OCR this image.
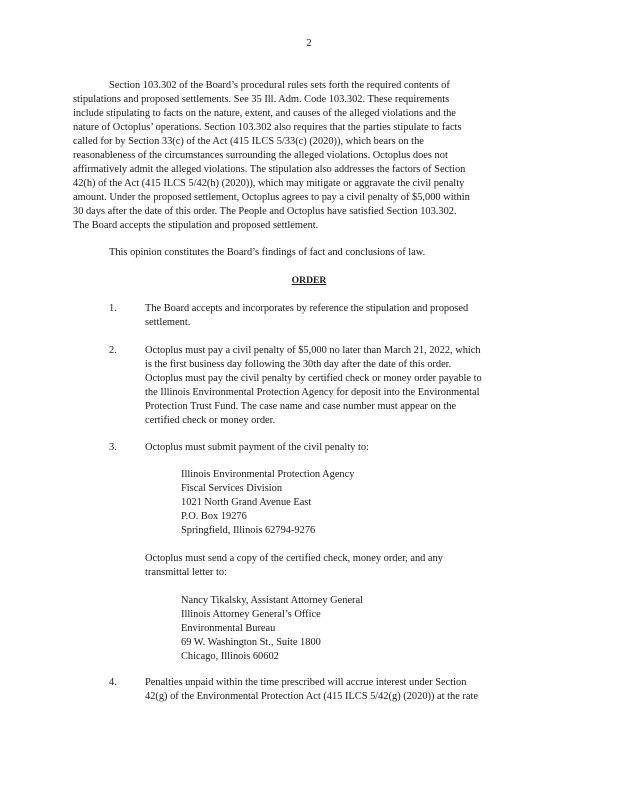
2
Section 103.302 of the Board’s procedural rules sets forth the required contents of
stipulations and proposed settlements. See 35 Ill. Adm. Code 103.302. These requirements
include stipulating to facts on the nature, extent, and causes of the alleged violations and the
nature of Octoplus’ operations. Section 103.302 also requires that the parties stipulate to facts
called for by Section 33(c) of the Act (415 ILCS 5/33(c) (2020)), which bears on the
reasonableness of the circumstances surrounding the alleged violations. Octoplus does not
affirmatively admit the alleged violations. The stipulation also addresses the factors of Section
42(h) of the Act (415 ILCS 5/42(h) (2020)), which may mitigate or aggravate the civil penalty
amount. Under the proposed settlement, Octoplus agrees to pay a civil penalty of $5,000 within
30 days after the date of this order. The People and Octoplus have satisfied Section 103.302.
The Board accepts the stipulation and proposed settlement.
This opinion constitutes the Board’s findings of fact and conclusions of law.
ORDER
1.	The Board accepts and incorporates by reference the stipulation and proposed
settlement.
2.	Octoplus must pay a civil penalty of $5,000 no later than March 21, 2022, which
is the first business day following the 30th day after the date of this order.
Octoplus must pay the civil penalty by certified check or money order payable to
the Illinois Environmental Protection Agency for deposit into the Environmental
Protection Trust Fund. The case name and case number must appear on the
certified check or money order.
3.	Octoplus must submit payment of the civil penalty to:
Illinois Environmental Protection Agency
Fiscal Services Division
1021 North Grand Avenue East
P.O. Box 19276
Springfield, Illinois 62794-9276
Octoplus must send a copy of the certified check, money order, and any
transmittal letter to:
Nancy Tikalsky, Assistant Attorney General
Illinois Attorney General’s Office
Environmental Bureau
69 W. Washington St., Suite 1800
Chicago, Illinois 60602
4.	Penalties unpaid within the time prescribed will accrue interest under Section
42(g) of the Environmental Protection Act (415 ILCS 5/42(g) (2020)) at the rate
